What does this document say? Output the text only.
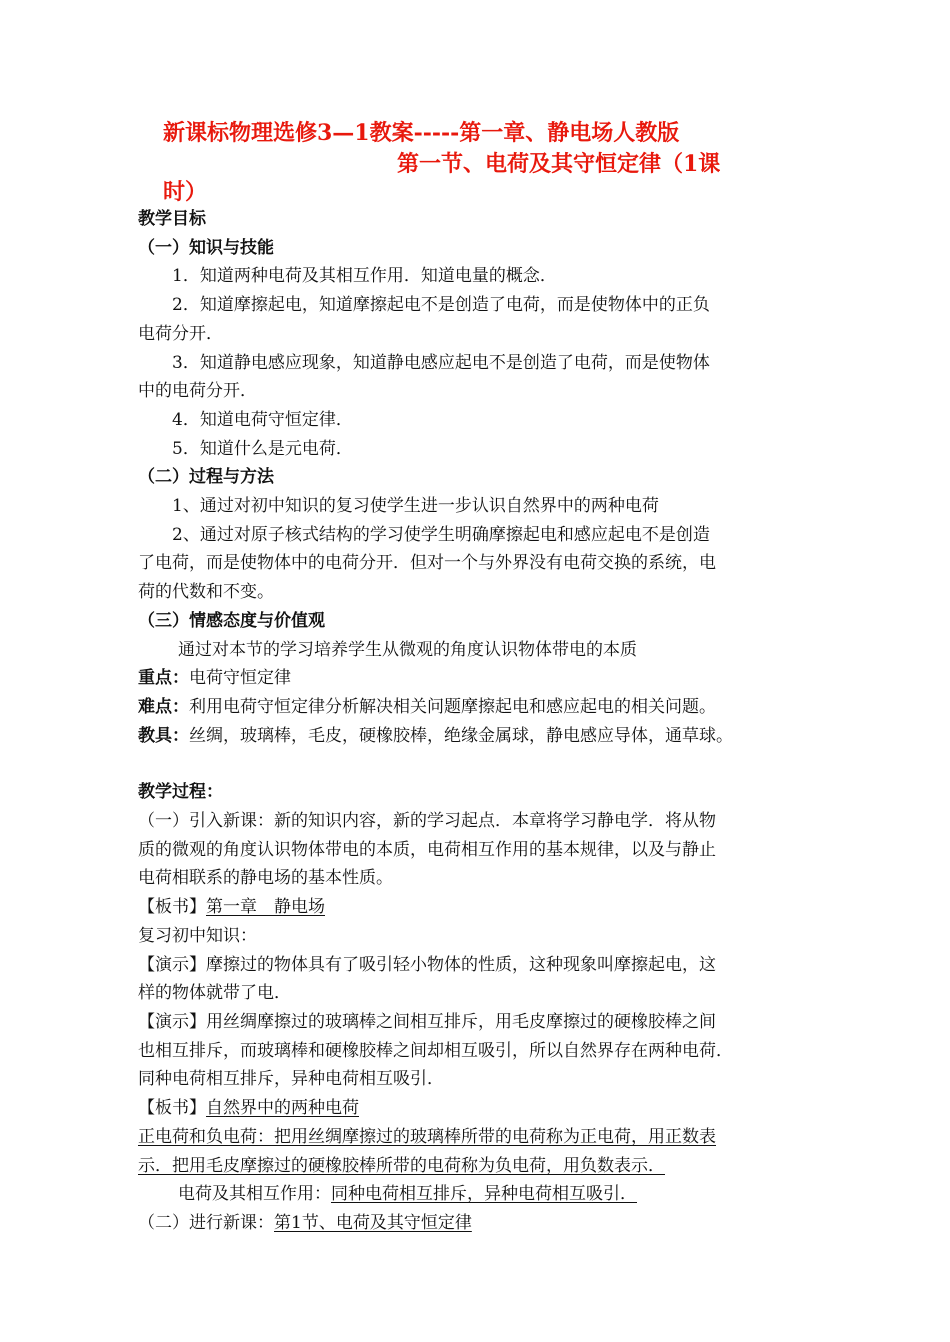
新课标物理选修3—1教案-----第一章、静电场人教版
第一节、电荷及其守恒定律（1课
时）

教学目标

（一）知识与技能

1．知道两种电荷及其相互作用．知道电量的概念．

2．知道摩擦起电，知道摩擦起电不是创造了电荷，而是使物体中的正负

电荷分开．

3．知道静电感应现象，知道静电感应起电不是创造了电荷，而是使物体

中的电荷分开．

4．知道电荷守恒定律．

5．知道什么是元电荷．

（二）过程与方法

1、通过对初中知识的复习使学生进一步认识自然界中的两种电荷

2、通过对原子核式结构的学习使学生明确摩擦起电和感应起电不是创造

了电荷，而是使物体中的电荷分开．但对一个与外界没有电荷交换的系统，电

荷的代数和不变。

（三）情感态度与价值观

通过对本节的学习培养学生从微观的角度认识物体带电的本质

重点：电荷守恒定律

难点：利用电荷守恒定律分析解决相关问题摩擦起电和感应起电的相关问题。

教具：丝绸，玻璃棒，毛皮，硬橡胶棒，绝缘金属球，静电感应导体，通草球。

教学过程：

（一）引入新课：新的知识内容，新的学习起点．本章将学习静电学．将从物

质的微观的角度认识物体带电的本质，电荷相互作用的基本规律，以及与静止

电荷相联系的静电场的基本性质。

【板书】第一章　静电场

复习初中知识：

【演示】摩擦过的物体具有了吸引轻小物体的性质，这种现象叫摩擦起电，这

样的物体就带了电．

【演示】用丝绸摩擦过的玻璃棒之间相互排斥，用毛皮摩擦过的硬橡胶棒之间

也相互排斥，而玻璃棒和硬橡胶棒之间却相互吸引，所以自然界存在两种电荷．

同种电荷相互排斥，异种电荷相互吸引．

【板书】自然界中的两种电荷

正电荷和负电荷：把用丝绸摩擦过的玻璃棒所带的电荷称为正电荷，用正数表

示．把用毛皮摩擦过的硬橡胶棒所带的电荷称为负电荷，用负数表示．

电荷及其相互作用：同种电荷相互排斥，异种电荷相互吸引．

（二）进行新课：第1节、电荷及其守恒定律
